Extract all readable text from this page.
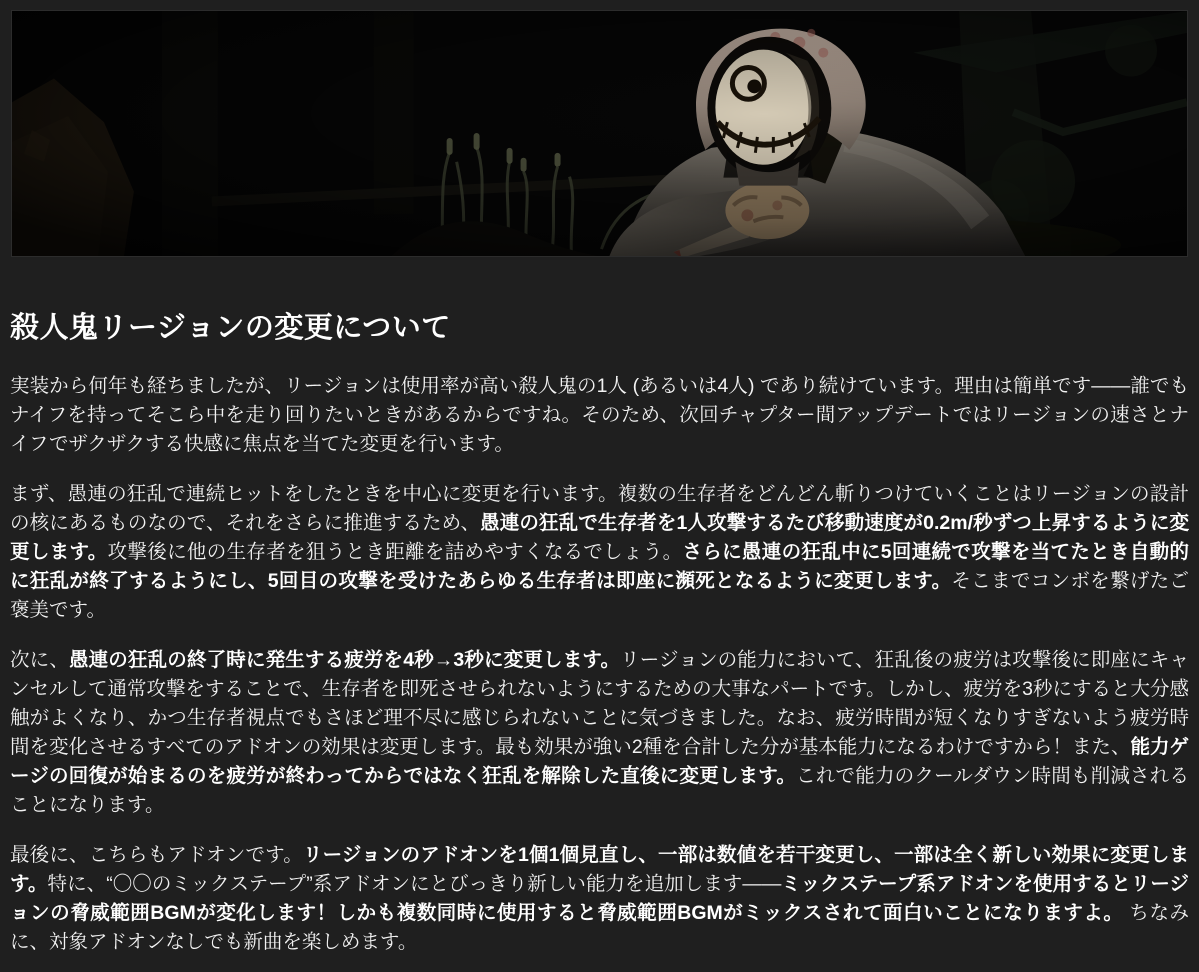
殺人鬼リージョンの変更について

実装から何年も経ちましたが、リージョンは使用率が高い殺人鬼の1人 (あるいは4人) であり続けています。理由は簡単です——誰でもナイフを持ってそこら中を走り回りたいときがあるからですね。そのため、次回チャプター間アップデートではリージョンの速さとナイフでザクザクする快感に焦点を当てた変更を行います。

まず、愚連の狂乱で連続ヒットをしたときを中心に変更を行います。複数の生存者をどんどん斬りつけていくことはリージョンの設計の核にあるものなので、それをさらに推進するため、愚連の狂乱で生存者を1人攻撃するたび移動速度が0.2m/秒ずつ上昇するように変更します。攻撃後に他の生存者を狙うとき距離を詰めやすくなるでしょう。さらに愚連の狂乱中に5回連続で攻撃を当てたとき自動的に狂乱が終了するようにし、5回目の攻撃を受けたあらゆる生存者は即座に瀕死となるように変更します。そこまでコンボを繋げたご褒美です。

次に、愚連の狂乱の終了時に発生する疲労を4秒→3秒に変更します。リージョンの能力において、狂乱後の疲労は攻撃後に即座にキャンセルして通常攻撃をすることで、生存者を即死させられないようにするための大事なパートです。しかし、疲労を3秒にすると大分感触がよくなり、かつ生存者視点でもさほど理不尽に感じられないことに気づきました。なお、疲労時間が短くなりすぎないよう疲労時間を変化させるすべてのアドオンの効果は変更します。最も効果が強い2種を合計した分が基本能力になるわけですから！また、能力ゲージの回復が始まるのを疲労が終わってからではなく狂乱を解除した直後に変更します。これで能力のクールダウン時間も削減されることになります。

最後に、こちらもアドオンです。リージョンのアドオンを1個1個見直し、一部は数値を若干変更し、一部は全く新しい効果に変更します。特に、“〇〇のミックステープ”系アドオンにとびっきり新しい能力を追加します——ミックステープ系アドオンを使用するとリージョンの脅威範囲BGMが変化します！しかも複数同時に使用すると脅威範囲BGMがミックスされて面白いことになりますよ。 ちなみに、対象アドオンなしでも新曲を楽しめます。
